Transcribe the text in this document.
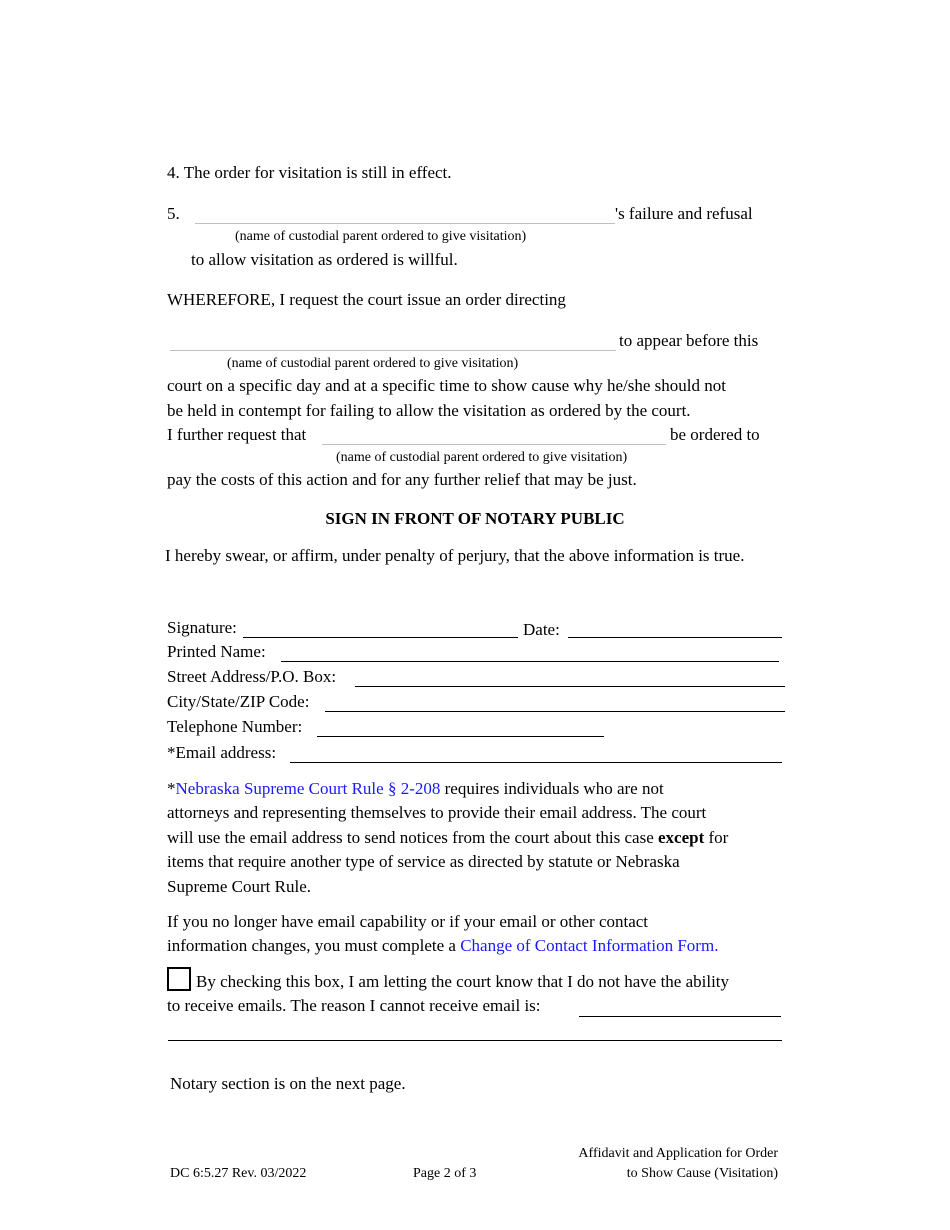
4. The order for visitation is still in effect.
5.	's failure and refusal
(name of custodial parent ordered to give visitation)
to allow visitation as ordered is willful.
WHEREFORE, I request the court issue an order directing
to appear before this
(name of custodial parent ordered to give visitation)
court on a specific day and at a specific time to show cause why he/she should not
be held in contempt for failing to allow the visitation as ordered by the court.
I further request that	be ordered to
(name of custodial parent ordered to give visitation)
pay the costs of this action and for any further relief that may be just.
SIGN IN FRONT OF NOTARY PUBLIC
I hereby swear, or affirm, under penalty of perjury, that the above information is true.
Signature:	Date:
Printed Name:
Street Address/P.O. Box:
City/State/ZIP Code:
Telephone Number:
*Email address:
*Nebraska Supreme Court Rule § 2-208 requires individuals who are not
attorneys and representing themselves to provide their email address. The court
will use the email address to send notices from the court about this case except for
items that require another type of service as directed by statute or Nebraska
Supreme Court Rule.
If you no longer have email capability or if your email or other contact
information changes, you must complete a Change of Contact Information Form.
By checking this box, I am letting the court know that I do not have the ability
to receive emails. The reason I cannot receive email is:
Notary section is on the next page.
DC 6:5.27 Rev. 03/2022	Page 2 of 3
Affidavit and Application for Order
to Show Cause (Visitation)
